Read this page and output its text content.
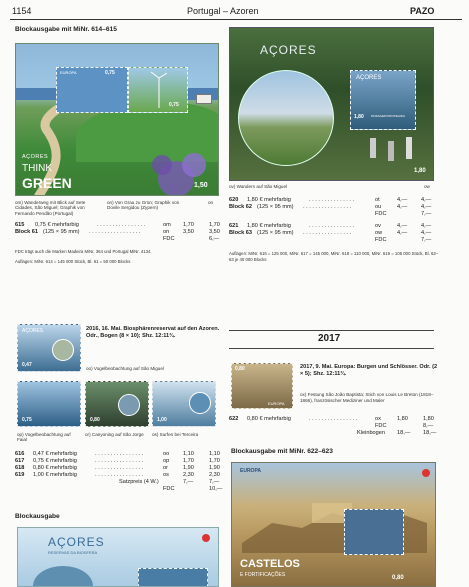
1154	Portugal – Azoren	PAZO
Blockausgabe mit MiNr. 614–615
EUROPA	0,75
0,75
AÇORES
THINK
GREEN	1,50
om) Wanderweg mit Blick auf Sete Cidades, São Miguel; Graphik von Fernando Pendão (Portugal)
on) Von Grau zu Grün; Graphik von Dovile Sergidou (Zypern)
on
615 0,75 € mehrfarbig	. . . . . . . . . . . . . . . .	om 1,70	1,70
Block 61 (125 × 95 mm) . . . . . . . . . . . . . . . . .	on 3,50	3,50
FDC	6,—
FDC trägt auch die Marken Madeira MiNr. 364 und Portugal MiNr. 4134.
Auflagen: MiNr. 614 = 145 000 Stück, Bl. 61 = 50 000 Blocks
AÇORES
0,47
2016, 16. Mai. Biosphärenreservat auf den Azoren. Odr., Bogen (8 × 10); Shz. 12:11¾.
oo) Vogelbeobachtung auf São Miguel
0,75	0,80	1,00
op) Vogelbeobachtung auf Faial
or) Canyoning auf São Jorge	os) Surfen bei Terceira
616 0,47 € mehrfarbig	. . . . . . . . . . . . . . . .	oo 1,10	1,10
617 0,75 € mehrfarbig	. . . . . . . . . . . . . . . .	op 1,70	1,70
618 0,80 € mehrfarbig	. . . . . . . . . . . . . . . .	or	1,90	1,90
619 1,00 € mehrfarbig	. . . . . . . . . . . . . . . .	os	2,30	2,30
Satzpreis (4 W.)	7,—	7,—
FDC	10,—
Blockausgabe
AÇORES
RESERVAS DA BIOSFERA
AÇORES
AÇORES
1,80 PAISAGEM PROTEGIDA
1,80
ov) Wandern auf São Miguel	ow
620 1,80 € mehrfarbig	. . . . . . . . . . . . . . .	ot	4,— 4,—
Block 62 (125 × 95 mm) . . . . . . . . . . . . . . . .	ou	4,— 4,—
FDC	7,—
621 1,80 € mehrfarbig	. . . . . . . . . . . . . . .	ov	4,— 4,—
Block 63 (125 × 95 mm) . . . . . . . . . . . . . . . .	ow	4,— 4,—
FDC	7,—
Auflagen: MiNr. 616 = 125 000, MiNr. 617 = 145 000, MiNr. 618 = 110 000, MiNr. 619 = 105 000 Stück, Bl. 62–63 je 40 000 Blocks
2017
0,80
EUROPA
2017, 9. Mai. Europa: Burgen und Schlösser. Odr. (2 × 5); Shz. 12:11¾.
ox) Festung São João Baptista; Stich von Louis Le Breton (1818–1866), französischer Mediziner und Maler
622 0,80 € mehrfarbig	. . . . . . . . . . . . . . . .	ox	1,80	1,80
FDC	8,—
Kleinbogen 18,— 18,—
Blockausgabe mit MiNr. 622–623
EUROPA
CASTELOS
E FORTIFICAÇÕES	0,80
